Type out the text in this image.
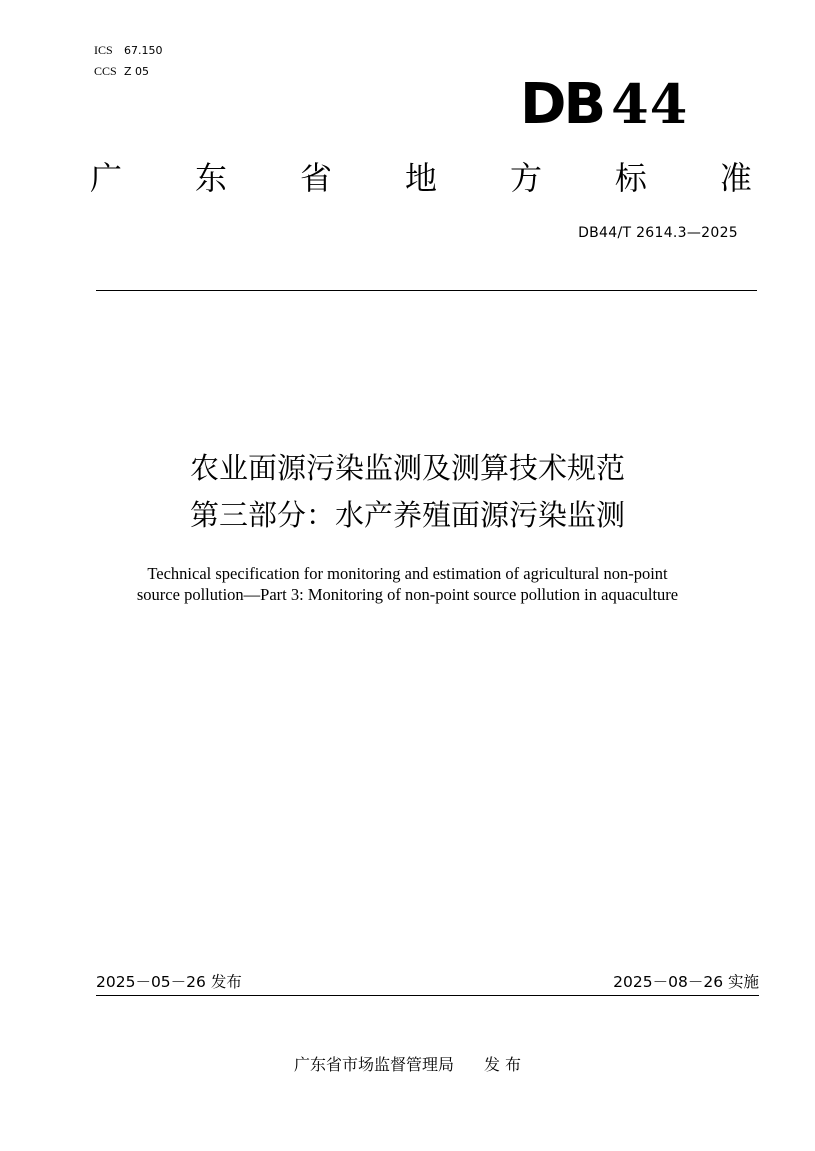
ICS 67.150
CCS Z 05
DB 44
广 东 省 地 方 标 准
DB44/T 2614.3—2025
农业面源污染监测及测算技术规范
第三部分：水产养殖面源污染监测
Technical specification for monitoring and estimation of agricultural non-point
source pollution—Part 3: Monitoring of non-point source pollution in aquaculture
2025－05－26 发布	2025－08－26 实施
广东省市场监督管理局 发 布
